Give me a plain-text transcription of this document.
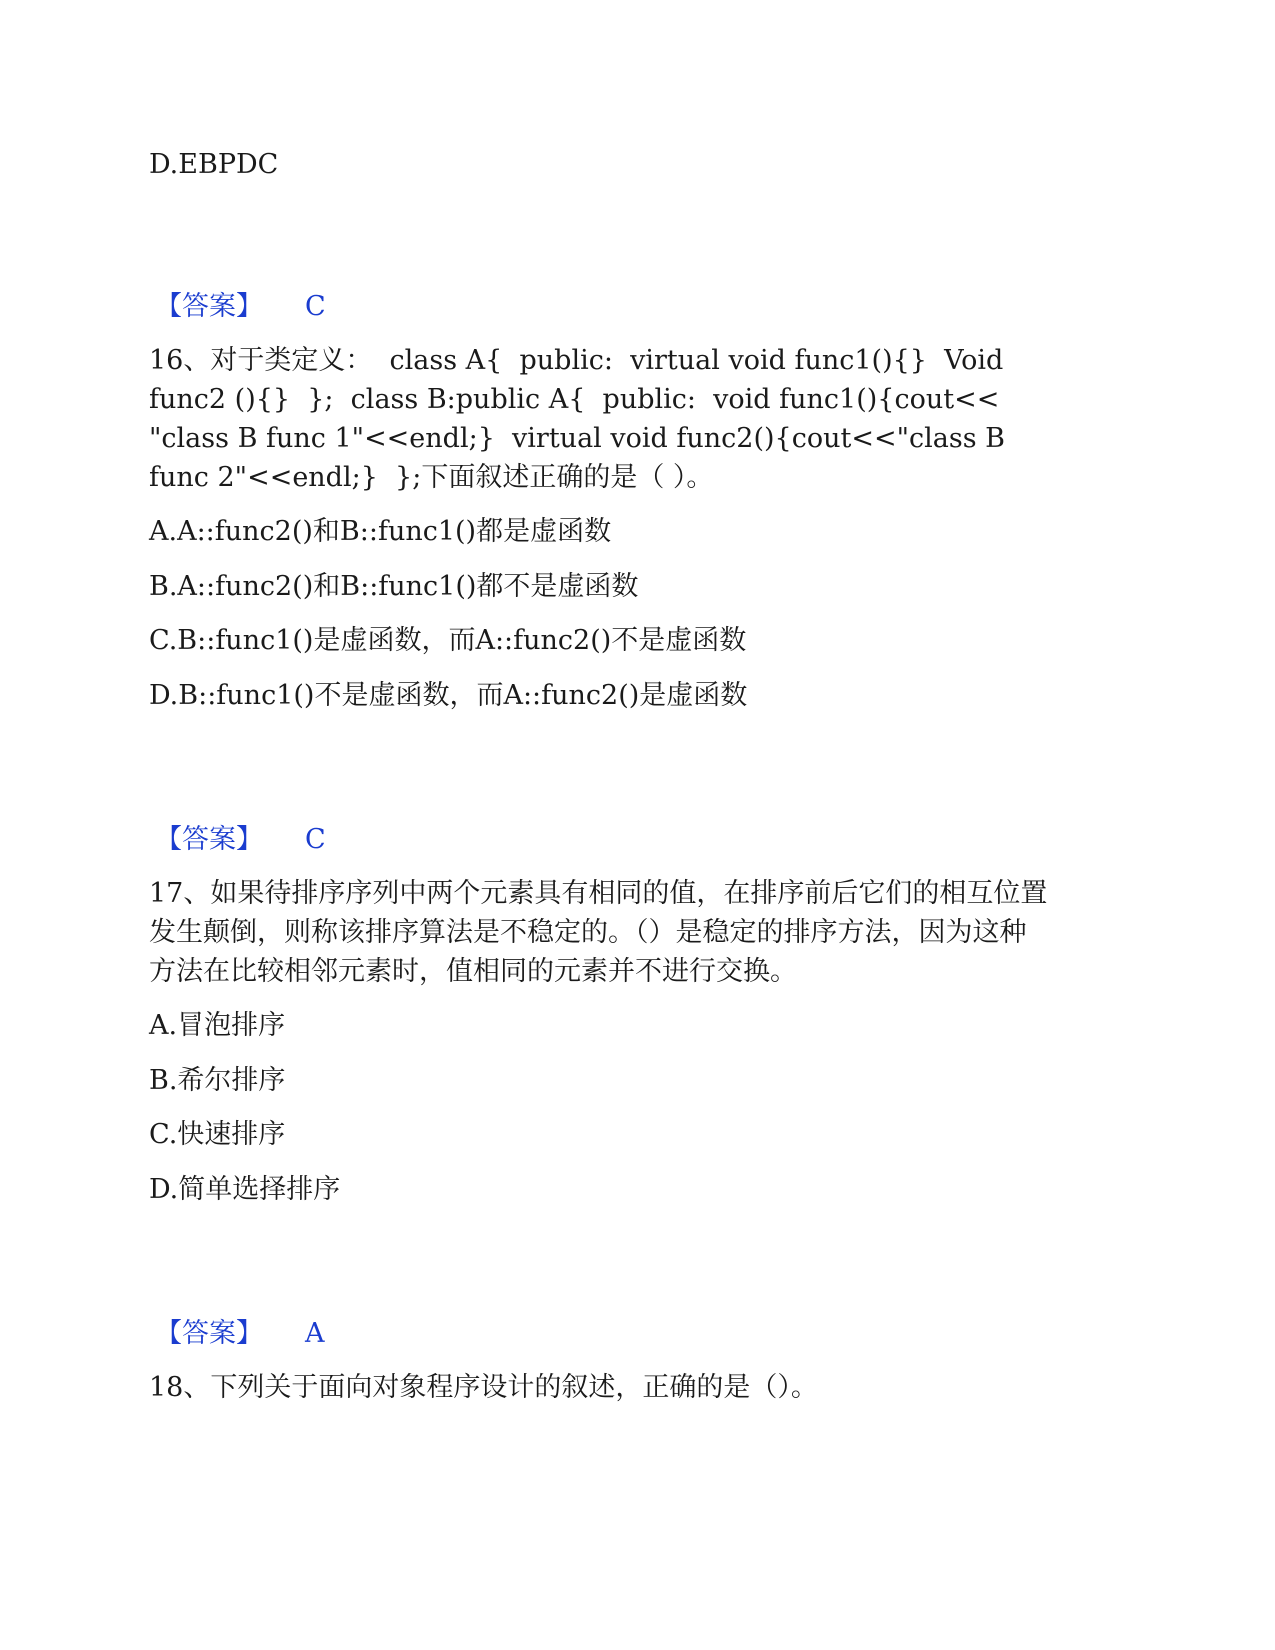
D.EBPDC
【答案】 C
16、对于类定义：  class A{  public:  virtual void func1(){}  Void
func2 (){}  };  class B:public A{  public:  void func1(){cout<<
"class B func 1"<<endl;}  virtual void func2(){cout<<"class B
func 2"<<endl;}  };下面叙述正确的是（ ）。
A.A::func2()和B::func1()都是虚函数
B.A::func2()和B::func1()都不是虚函数
C.B::func1()是虚函数，而A::func2()不是虚函数
D.B::func1()不是虚函数，而A::func2()是虚函数
【答案】 C
17、如果待排序序列中两个元素具有相同的值，在排序前后它们的相互位置
发生颠倒，则称该排序算法是不稳定的。（）是稳定的排序方法，因为这种
方法在比较相邻元素时，值相同的元素并不进行交换。
A.冒泡排序
B.希尔排序
C.快速排序
D.简单选择排序
【答案】 A
18、下列关于面向对象程序设计的叙述，正确的是（）。
